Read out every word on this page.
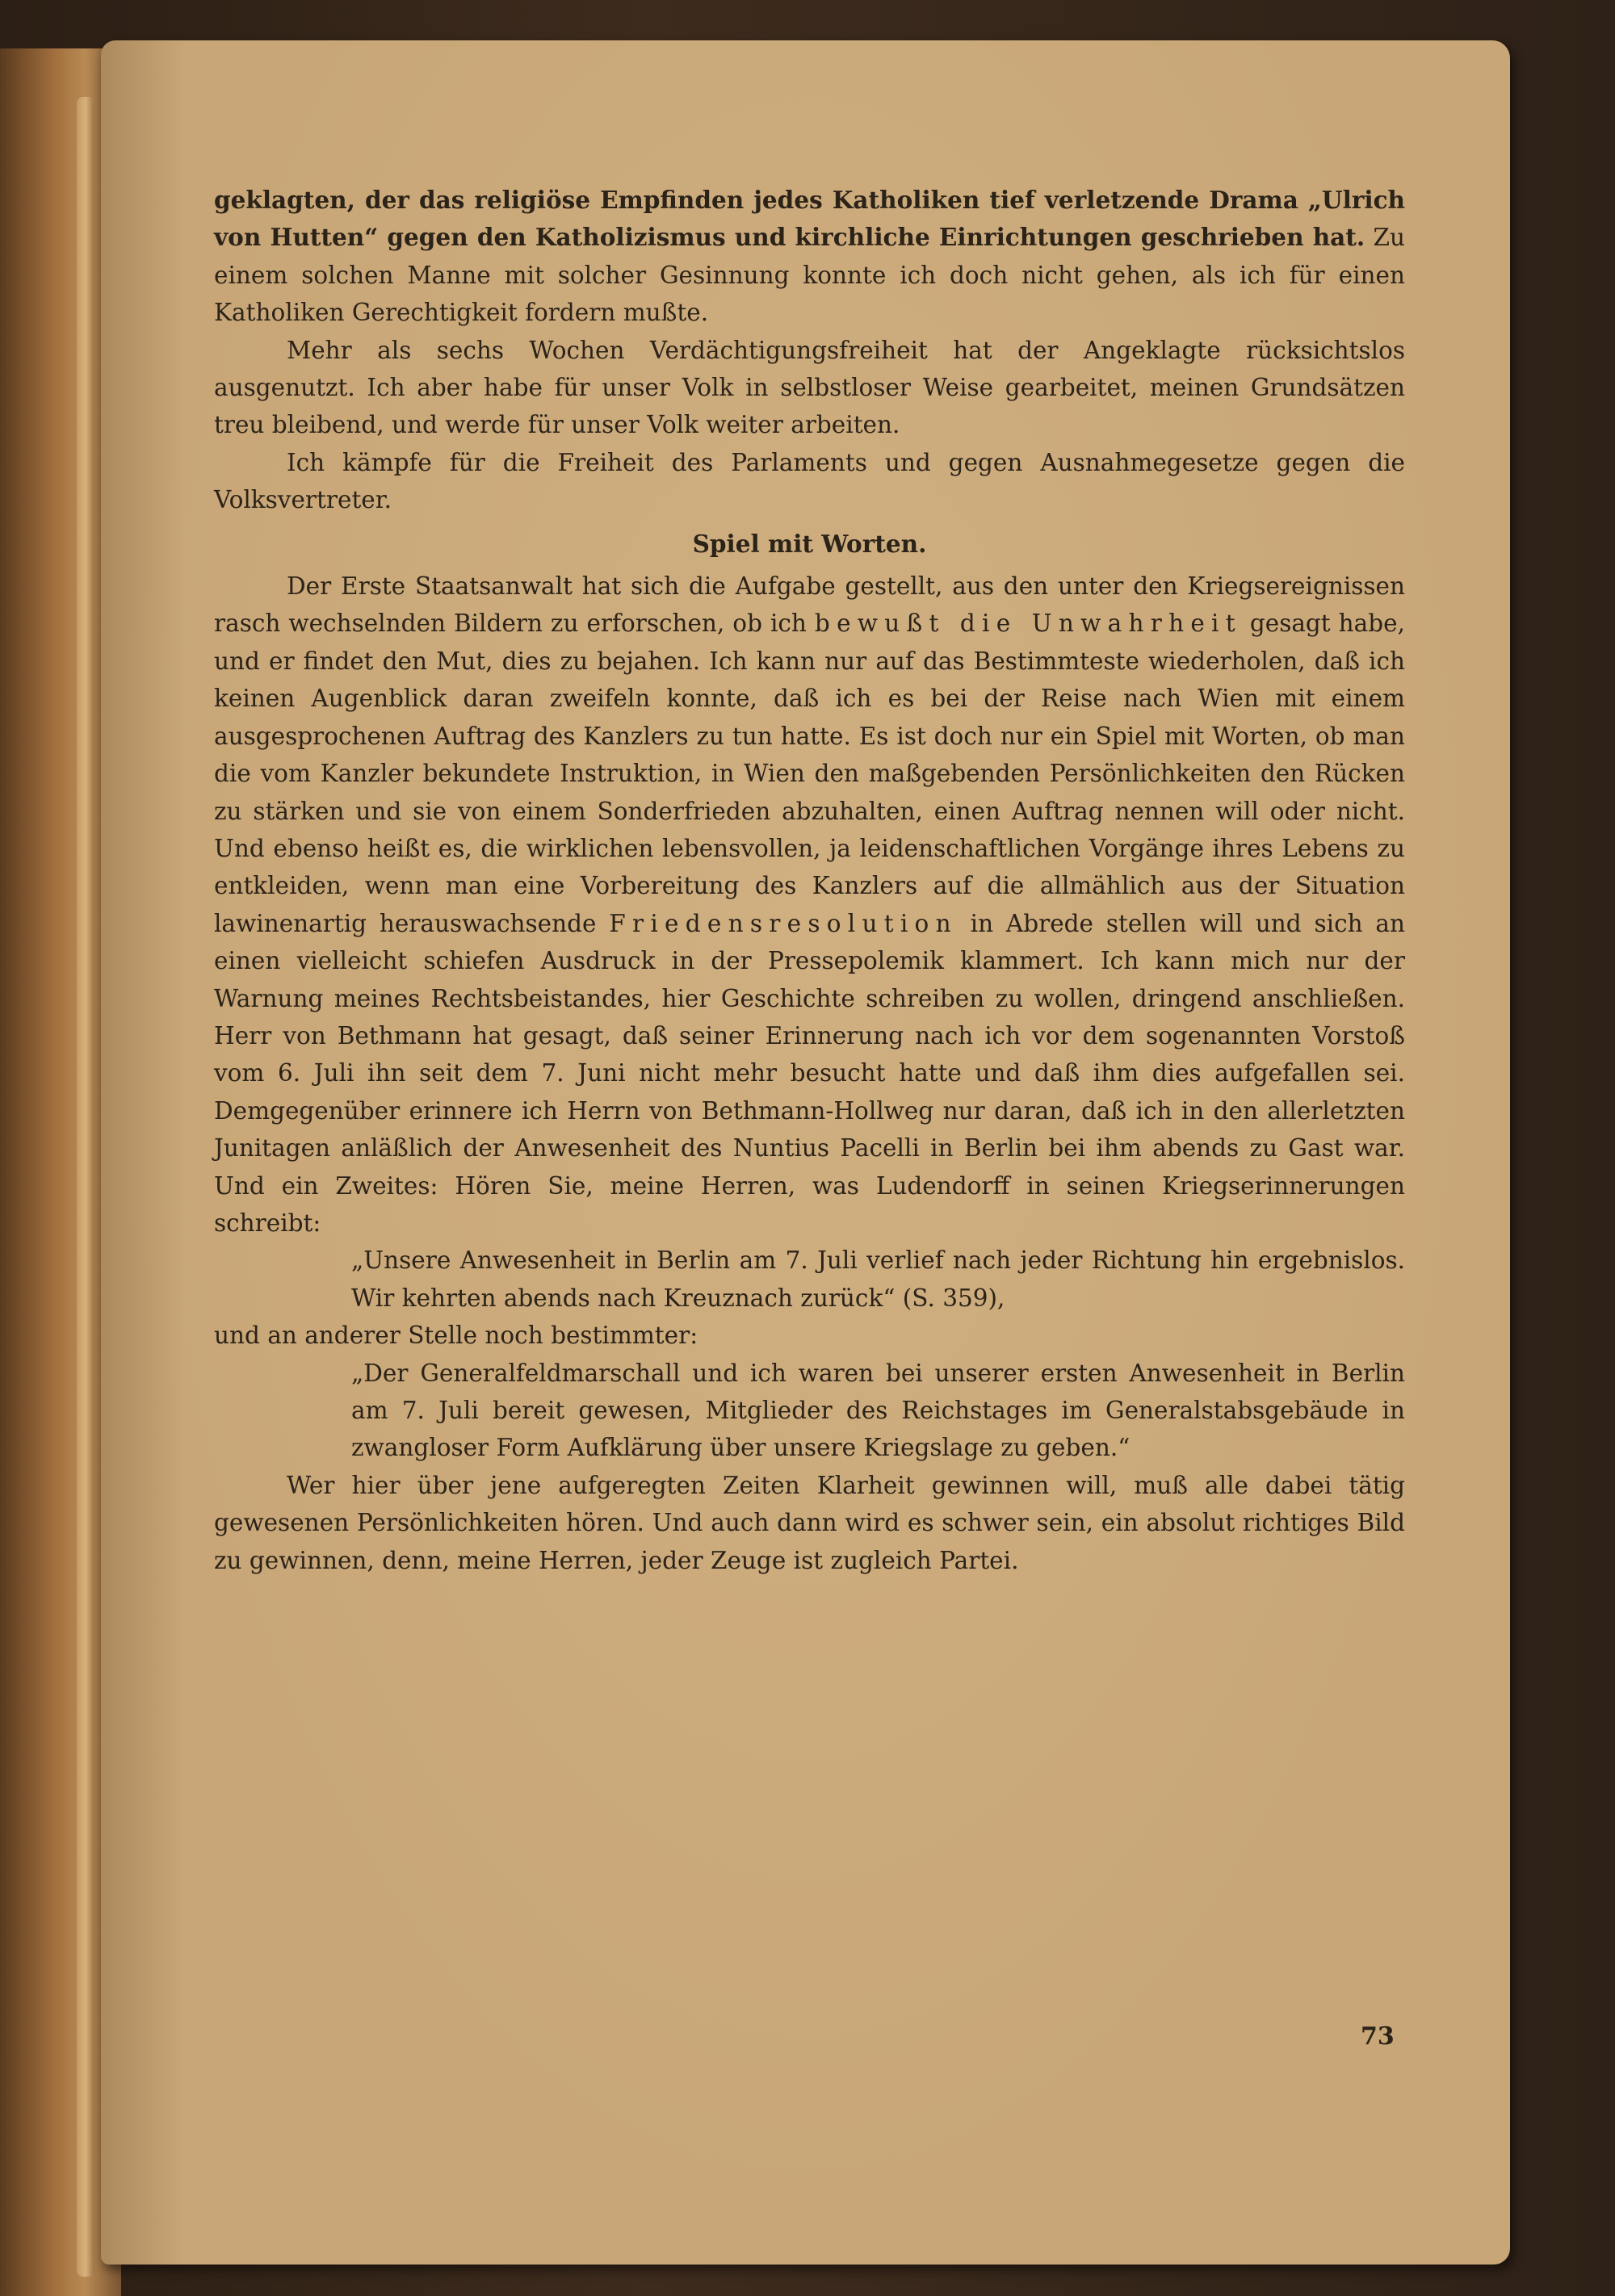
geklagten, der das religiöse Empfinden jedes Katholiken tief verletzende Drama „Ulrich von Hutten“ gegen den Katholizismus und kirchliche Einrichtungen geschrieben hat. Zu einem solchen Manne mit solcher Gesinnung konnte ich doch nicht gehen, als ich für einen Katholiken Gerechtigkeit fordern mußte.

Mehr als sechs Wochen Verdächtigungsfreiheit hat der Angeklagte rücksichtslos ausgenutzt. Ich aber habe für unser Volk in selbstloser Weise gearbeitet, meinen Grundsätzen treu bleibend, und werde für unser Volk weiter arbeiten.

Ich kämpfe für die Freiheit des Parlaments und gegen Ausnahmegesetze gegen die Volksvertreter.

Spiel mit Worten.

Der Erste Staatsanwalt hat sich die Aufgabe gestellt, aus den unter den Kriegsereignissen rasch wechselnden Bildern zu erforschen, ob ich bewußt die Unwahrheit gesagt habe, und er findet den Mut, dies zu bejahen. Ich kann nur auf das Bestimmteste wiederholen, daß ich keinen Augenblick daran zweifeln konnte, daß ich es bei der Reise nach Wien mit einem ausgesprochenen Auftrag des Kanzlers zu tun hatte. Es ist doch nur ein Spiel mit Worten, ob man die vom Kanzler bekundete Instruktion, in Wien den maßgebenden Persönlichkeiten den Rücken zu stärken und sie von einem Sonderfrieden abzuhalten, einen Auftrag nennen will oder nicht. Und ebenso heißt es, die wirklichen lebensvollen, ja leidenschaftlichen Vorgänge ihres Lebens zu entkleiden, wenn man eine Vorbereitung des Kanzlers auf die allmählich aus der Situation lawinenartig herauswachsende Friedensresolution in Abrede stellen will und sich an einen vielleicht schiefen Ausdruck in der Pressepolemik klammert. Ich kann mich nur der Warnung meines Rechtsbeistandes, hier Geschichte schreiben zu wollen, dringend anschließen. Herr von Bethmann hat gesagt, daß seiner Erinnerung nach ich vor dem sogenannten Vorstoß vom 6. Juli ihn seit dem 7. Juni nicht mehr besucht hatte und daß ihm dies aufgefallen sei. Demgegenüber erinnere ich Herrn von Bethmann-Hollweg nur daran, daß ich in den allerletzten Junitagen anläßlich der Anwesenheit des Nuntius Pacelli in Berlin bei ihm abends zu Gast war. Und ein Zweites: Hören Sie, meine Herren, was Ludendorff in seinen Kriegserinnerungen schreibt:

„Unsere Anwesenheit in Berlin am 7. Juli verlief nach jeder Richtung hin ergebnislos. Wir kehrten abends nach Kreuznach zurück“ (S. 359),

und an anderer Stelle noch bestimmter:

„Der Generalfeldmarschall und ich waren bei unserer ersten Anwesenheit in Berlin am 7. Juli bereit gewesen, Mitglieder des Reichstages im Generalstabsgebäude in zwangloser Form Aufklärung über unsere Kriegslage zu geben.“

Wer hier über jene aufgeregten Zeiten Klarheit gewinnen will, muß alle dabei tätig gewesenen Persönlichkeiten hören. Und auch dann wird es schwer sein, ein absolut richtiges Bild zu gewinnen, denn, meine Herren, jeder Zeuge ist zugleich Partei.

73
